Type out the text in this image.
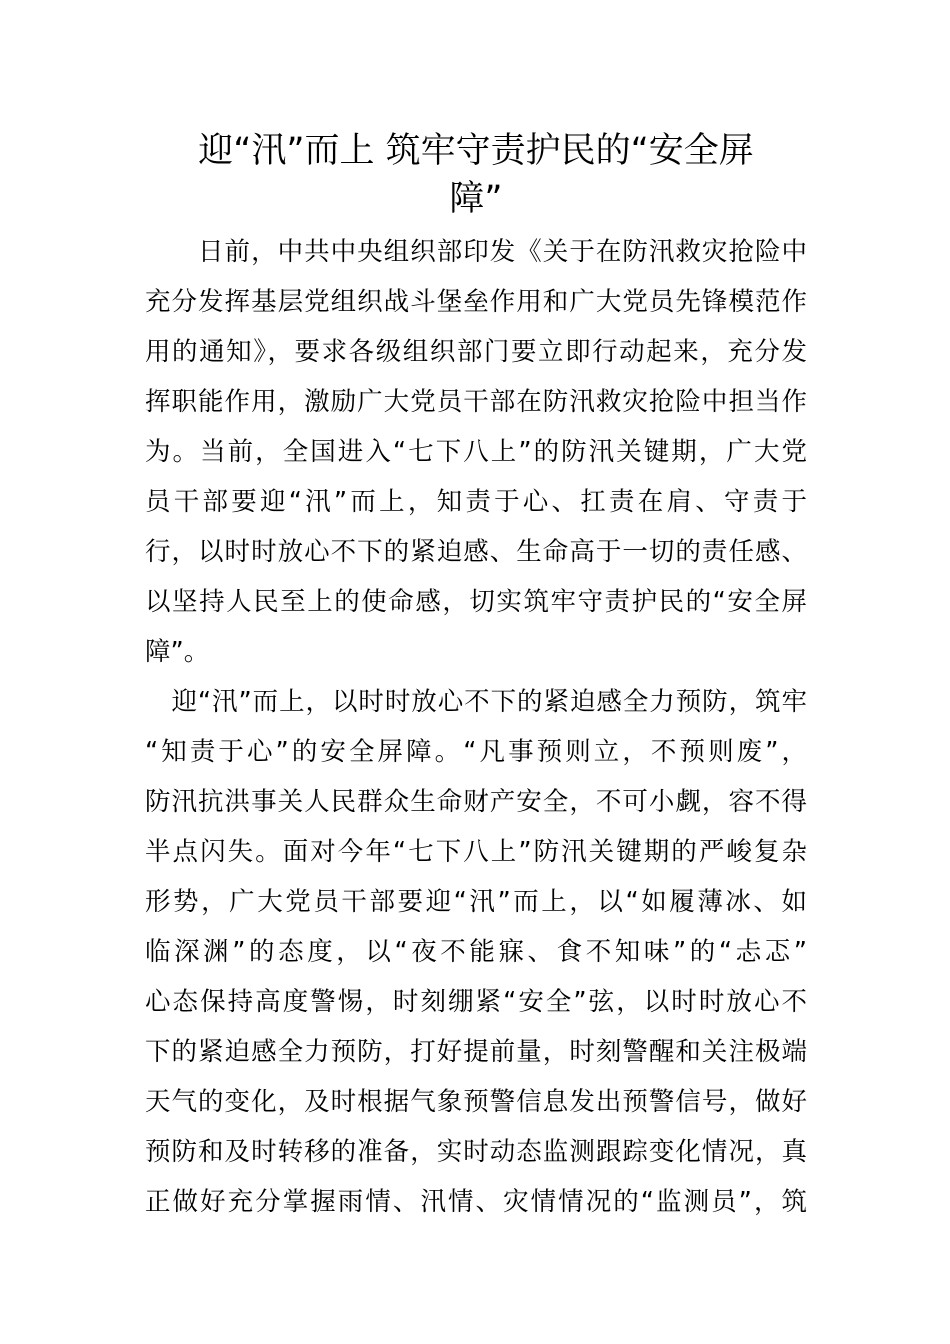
迎“汛”而上 筑牢守责护民的“安全屏
障”
　　日前，中共中央组织部印发《关于在防汛救灾抢险中
充分发挥基层党组织战斗堡垒作用和广大党员先锋模范作
用的通知》，要求各级组织部门要立即行动起来，充分发
挥职能作用，激励广大党员干部在防汛救灾抢险中担当作
为。当前，全国进入“七下八上”的防汛关键期，广大党
员干部要迎“汛”而上，知责于心、扛责在肩、守责于
行，以时时放心不下的紧迫感、生命高于一切的责任感、
以坚持人民至上的使命感，切实筑牢守责护民的“安全屏
障”。
　迎“汛”而上，以时时放心不下的紧迫感全力预防，筑牢
“知责于心”的安全屏障。“凡事预则立，不预则废”，
防汛抗洪事关人民群众生命财产安全，不可小觑，容不得
半点闪失。面对今年“七下八上”防汛关键期的严峻复杂
形势，广大党员干部要迎“汛”而上，以“如履薄冰、如
临深渊”的态度，以“夜不能寐、食不知味”的“忐忑”
心态保持高度警惕，时刻绷紧“安全”弦，以时时放心不
下的紧迫感全力预防，打好提前量，时刻警醒和关注极端
天气的变化，及时根据气象预警信息发出预警信号，做好
预防和及时转移的准备，实时动态监测跟踪变化情况，真
正做好充分掌握雨情、汛情、灾情情况的“监测员”，筑
